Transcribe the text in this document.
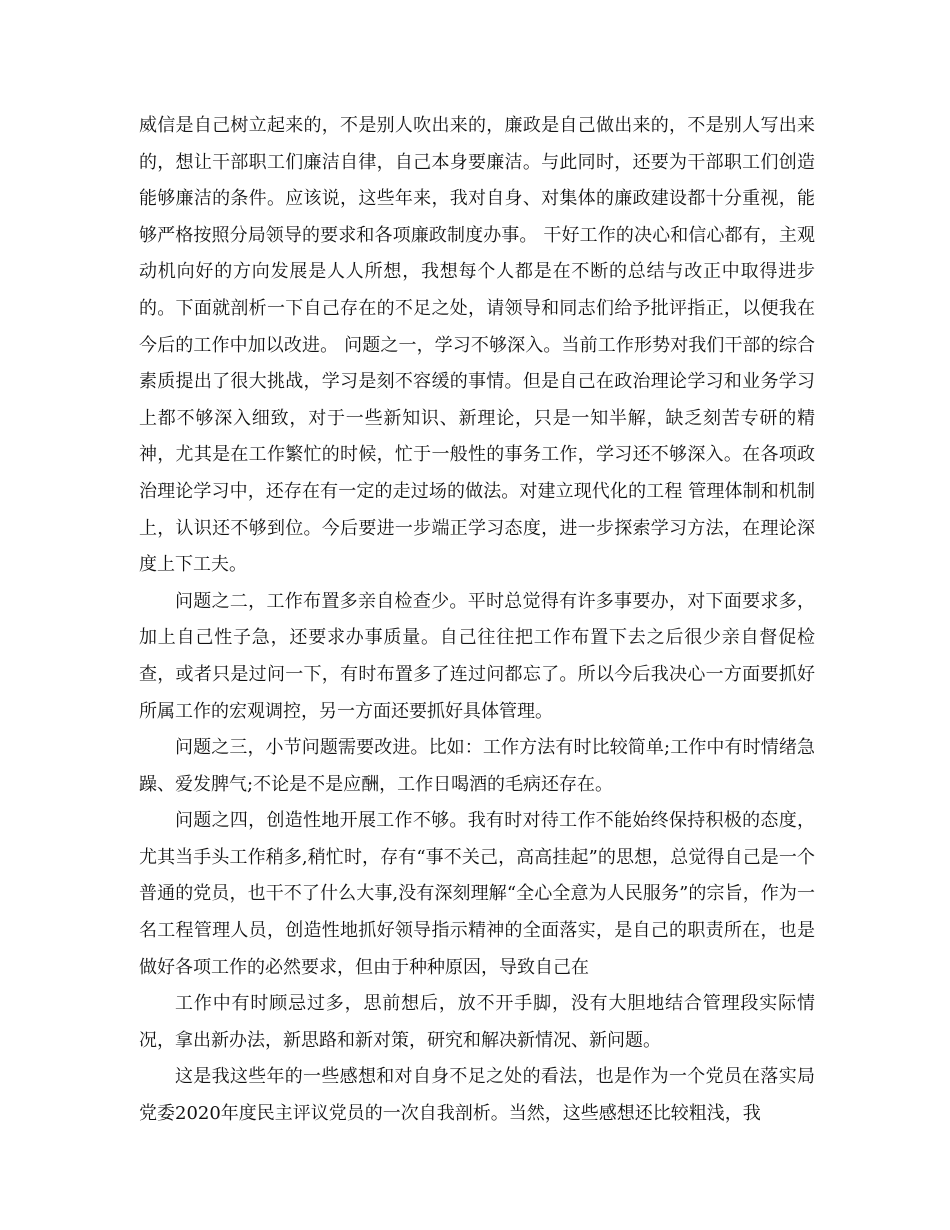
威信是自己树立起来的，不是别人吹出来的，廉政是自己做出来的，不是别人写出来的，想让干部职工们廉洁自律，自己本身要廉洁。与此同时，还要为干部职工们创造能够廉洁的条件。应该说，这些年来，我对自身、对集体的廉政建设都十分重视，能够严格按照分局领导的要求和各项廉政制度办事。 干好工作的决心和信心都有，主观动机向好的方向发展是人人所想，我想每个人都是在不断的总结与改正中取得进步的。下面就剖析一下自己存在的不足之处，请领导和同志们给予批评指正，以便我在今后的工作中加以改进。 问题之一，学习不够深入。当前工作形势对我们干部的综合素质提出了很大挑战，学习是刻不容缓的事情。但是自己在政治理论学习和业务学习上都不够深入细致，对于一些新知识、新理论，只是一知半解，缺乏刻苦专研的精神，尤其是在工作繁忙的时候，忙于一般性的事务工作，学习还不够深入。在各项政治理论学习中，还存在有一定的走过场的做法。对建立现代化的工程 管理体制和机制上，认识还不够到位。今后要进一步端正学习态度，进一步探索学习方法，在理论深度上下工夫。

问题之二，工作布置多亲自检查少。平时总觉得有许多事要办，对下面要求多，加上自己性子急，还要求办事质量。自己往往把工作布置下去之后很少亲自督促检查，或者只是过问一下，有时布置多了连过问都忘了。所以今后我决心一方面要抓好所属工作的宏观调控，另一方面还要抓好具体管理。

问题之三，小节问题需要改进。比如：工作方法有时比较简单;工作中有时情绪急躁、爱发脾气;不论是不是应酬，工作日喝酒的毛病还存在。

问题之四，创造性地开展工作不够。我有时对待工作不能始终保持积极的态度，尤其当手头工作稍多,稍忙时，存有“事不关己，高高挂起”的思想，总觉得自己是一个普通的党员，也干不了什么大事,没有深刻理解“全心全意为人民服务”的宗旨，作为一名工程管理人员，创造性地抓好领导指示精神的全面落实，是自己的职责所在，也是做好各项工作的必然要求，但由于种种原因，导致自己在

工作中有时顾忌过多，思前想后，放不开手脚，没有大胆地结合管理段实际情况，拿出新办法，新思路和新对策，研究和解决新情况、新问题。

这是我这些年的一些感想和对自身不足之处的看法，也是作为一个党员在落实局党委2020年度民主评议党员的一次自我剖析。当然，这些感想还比较粗浅，我
